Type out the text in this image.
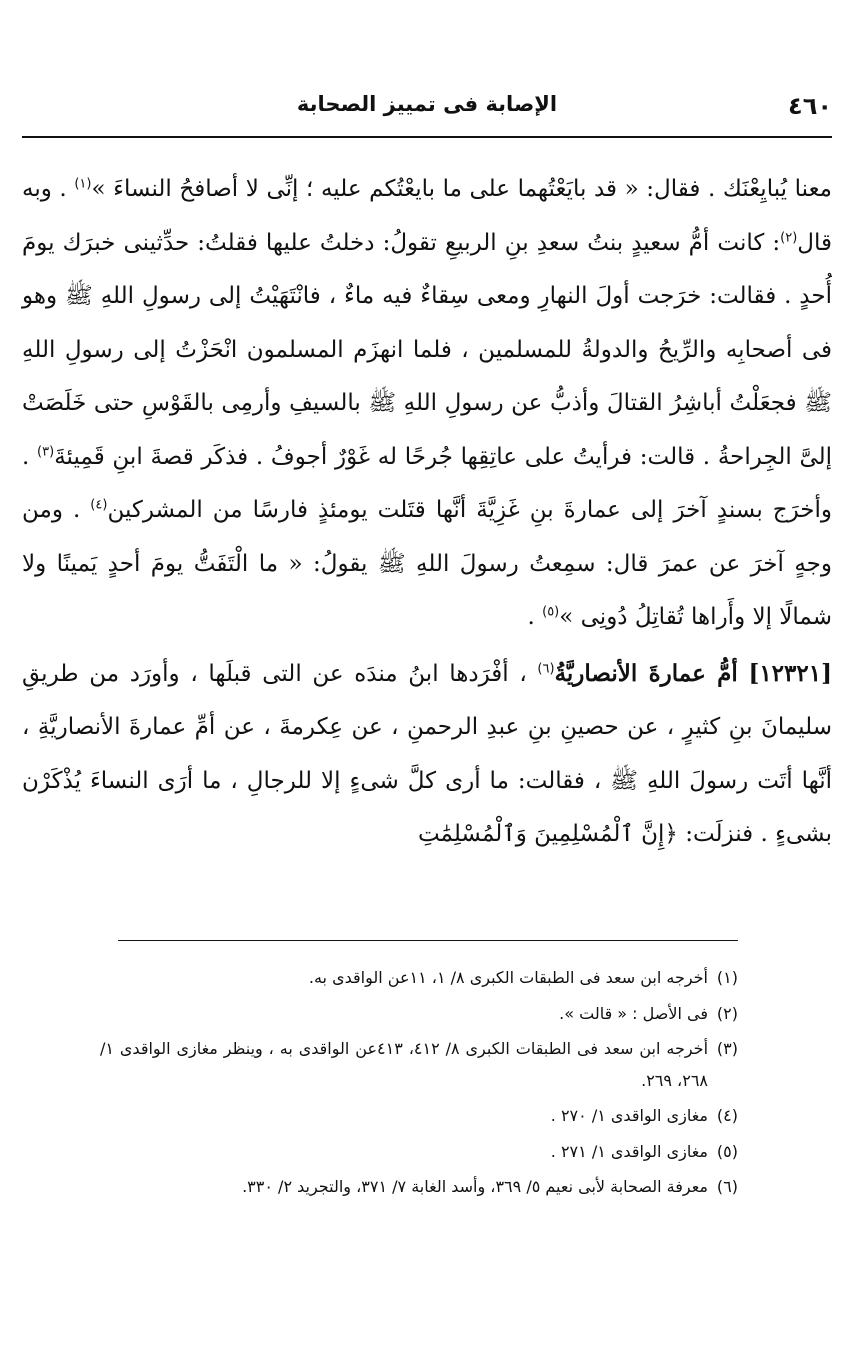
٤٦٠
الإصابة فى تمييز الصحابة

معنا يُبايِعْنَك . فقال: « قد بايَعْتُهما على ما بايعْتُكم عليه ؛ إنِّى لا أصافحُ النساءَ »$^{(١)}$ . وبه قال$^{(٢)}$: كانت أمُّ سعيدٍ بنتُ سعدِ بنِ الربيعِ تقولُ: دخلتُ عليها فقلتُ: حدِّثينى خبرَك يومَ أُحدٍ . فقالت: خرَجت أولَ النهارِ ومعى سِقاءٌ فيه ماءٌ ، فانْتَهَيْتُ إلى رسولِ اللهِ ﷺ وهو فى أصحابِه والرِّيحُ والدولةُ للمسلمين ، فلما انهزَم المسلمون انْحَزْتُ إلى رسولِ اللهِ ﷺ فجعَلْتُ أباشِرُ القتالَ وأذبُّ عن رسولِ اللهِ ﷺ بالسيفِ وأرمِى بالقَوْسِ حتى خَلَصَتْ إلىَّ الجِراحةُ . قالت: فرأيتُ على عاتِقِها جُرحًا له غَوْرٌ أجوفُ . فذكَر قصةَ ابنِ قَمِيئةَ$^{(٣)}$ . وأخرَج بسندٍ آخرَ إلى عمارةَ بنِ غَزِيَّةَ أنَّها قتَلت يومئذٍ فارسًا من المشركين$^{(٤)}$ . ومن وجهٍ آخرَ عن عمرَ قال: سمِعتُ رسولَ اللهِ ﷺ يقولُ: « ما الْتَفَتُّ يومَ أحدٍ يَمينًا ولا شمالًا إلا وأَراها تُقاتِلُ دُونِى »$^{(٥)}$ .

[١٢٣٢١] أمُّ عمارةَ الأنصاريَّةُ$^{(٦)}$ ، أفْرَدها ابنُ مندَه عن التى قبلَها ، وأورَد من طريقِ سليمانَ بنِ كثيرٍ ، عن حصينِ بنِ عبدِ الرحمنِ ، عن عِكرمةَ ، عن أمِّ عمارةَ الأنصاريَّةِ ، أنَّها أتَت رسولَ اللهِ ﷺ ، فقالت: ما أرى كلَّ شىءٍ إلا للرجالِ ، ما أرَى النساءَ يُذْكَرْن بشىءٍ . فنزلَت: ﴿إِنَّ ٱلْمُسْلِمِينَ وَٱلْمُسْلِمَٰتِ

(١)
أخرجه ابن سعد فى الطبقات الكبرى ٨/ ١، ١١عن الواقدى به.

(٢)
فى الأصل : « قالت ».

(٣)
أخرجه ابن سعد فى الطبقات الكبرى ٨/ ٤١٢، ٤١٣عن الواقدى به ، وينظر مغازى الواقدى ١/ ٢٦٨، ٢٦٩.

(٤)
مغازى الواقدى ١/ ٢٧٠ .

(٥)
مغازى الواقدى ١/ ٢٧١ .

(٦)
معرفة الصحابة لأبى نعيم ٥/ ٣٦٩، وأسد الغابة ٧/ ٣٧١، والتجريد ٢/ ٣٣٠.
